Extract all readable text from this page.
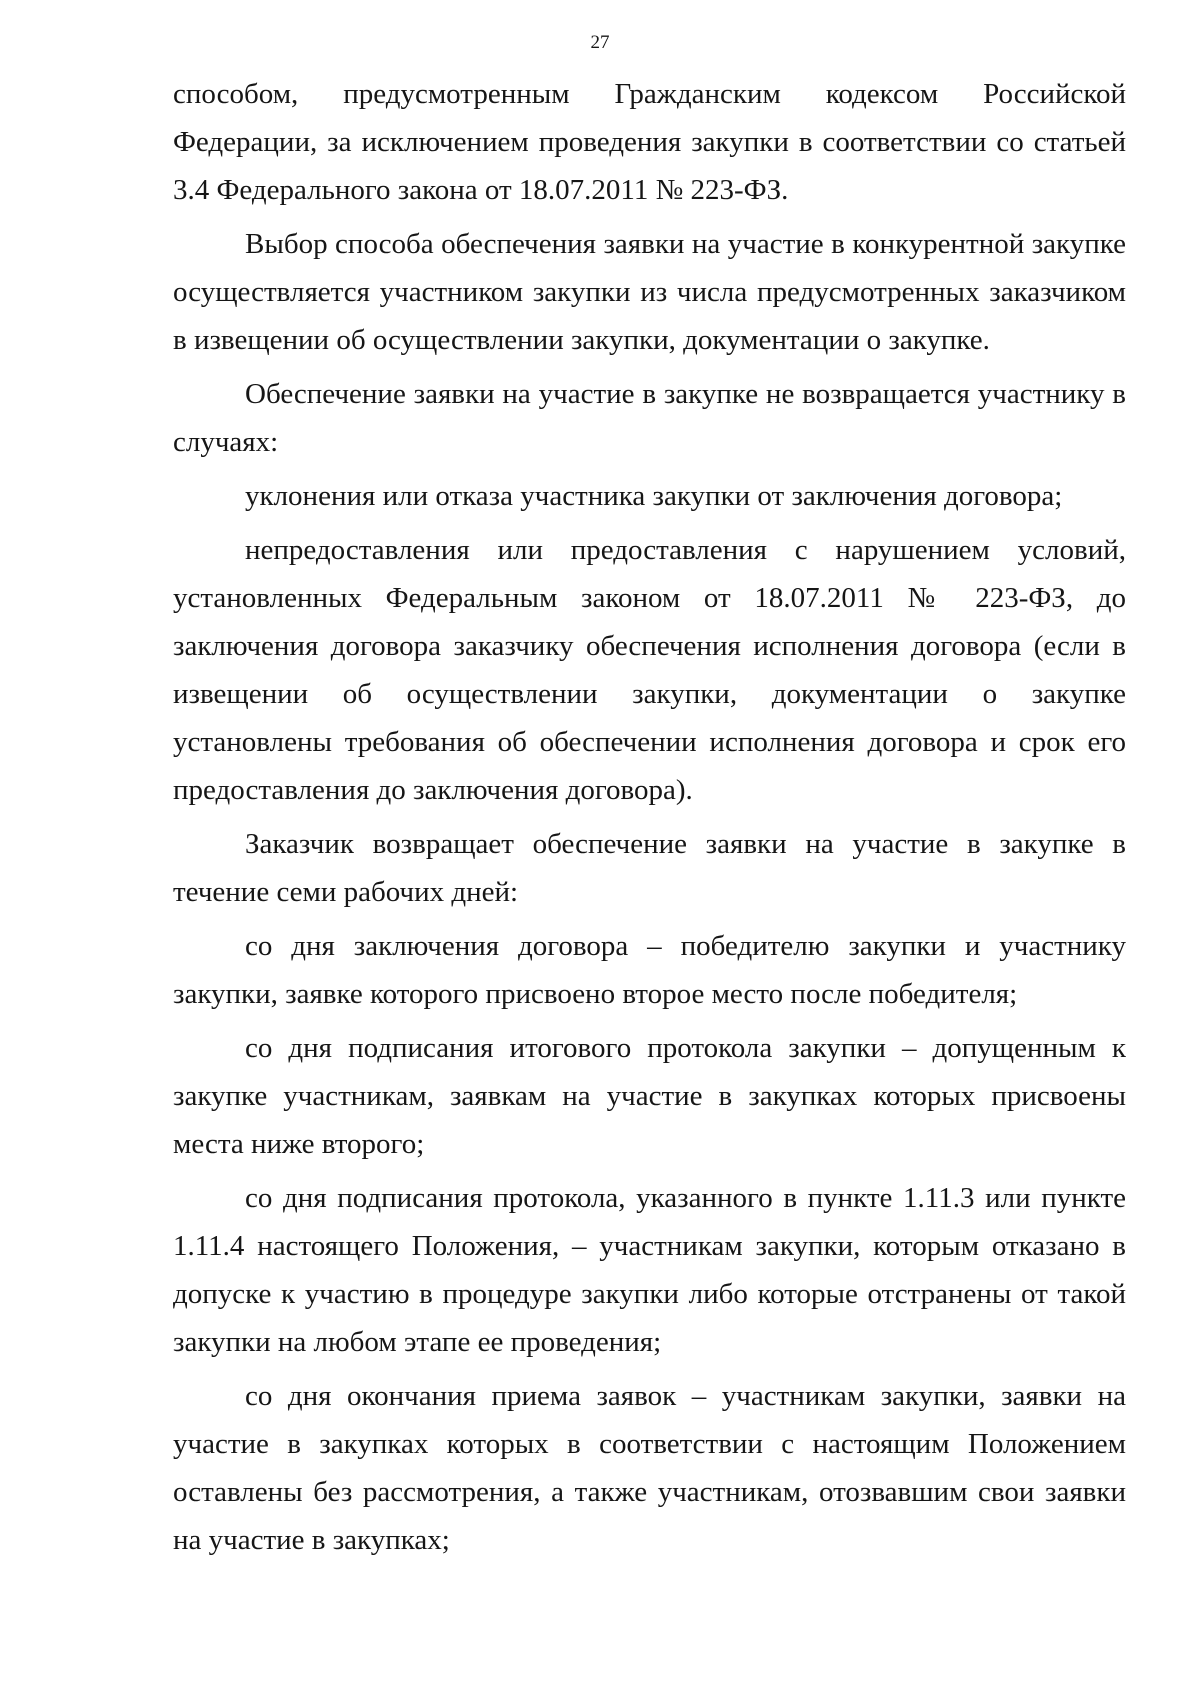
27

способом, предусмотренным Гражданским кодексом Российской Федерации, за исключением проведения закупки в соответствии со статьей 3.4 Федерального закона от 18.07.2011 № 223-ФЗ.

Выбор способа обеспечения заявки на участие в конкурентной закупке осуществляется участником закупки из числа предусмотренных заказчиком в извещении об осуществлении закупки, документации о закупке.

Обеспечение заявки на участие в закупке не возвращается участнику в случаях:

уклонения или отказа участника закупки от заключения договора;

непредоставления или предоставления с нарушением условий, установленных Федеральным законом от 18.07.2011 № 223-ФЗ, до заключения договора заказчику обеспечения исполнения договора (если в извещении об осуществлении закупки, документации о закупке установлены требования об обеспечении исполнения договора и срок его предоставления до заключения договора).

Заказчик возвращает обеспечение заявки на участие в закупке в течение семи рабочих дней:

со дня заключения договора – победителю закупки и участнику закупки, заявке которого присвоено второе место после победителя;

со дня подписания итогового протокола закупки – допущенным к закупке участникам, заявкам на участие в закупках которых присвоены места ниже второго;

со дня подписания протокола, указанного в пункте 1.11.3 или пункте 1.11.4 настоящего Положения, – участникам закупки, которым отказано в допуске к участию в процедуре закупки либо которые отстранены от такой закупки на любом этапе ее проведения;

со дня окончания приема заявок – участникам закупки, заявки на участие в закупках которых в соответствии с настоящим Положением оставлены без рассмотрения, а также участникам, отозвавшим свои заявки на участие в закупках;
